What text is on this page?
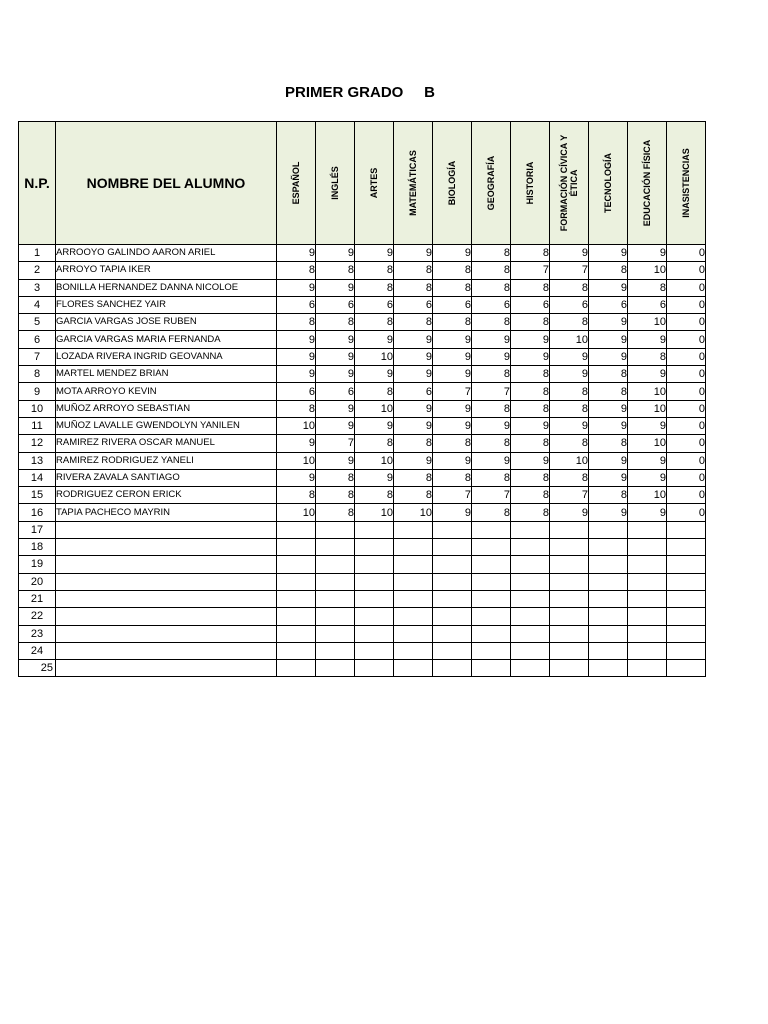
PRIMER GRADO     B
N.P.	NOMBRE DEL ALUMNO	ESPAÑOL	INGLÉS	ARTES	MATEMÁTICAS	BIOLOGÍA	GEOGRAFÍA	HISTORIA	FORMACIÓN CÍVICA Y ÉTICA	TECNOLOGÍA	EDUCACIÓN FÍSICA	INASISTENCIAS

1	ARROOYO GALINDO AARON ARIEL	9	9	9	9	9	8	8	9	9	9	0
2	ARROYO TAPIA IKER	8	8	8	8	8	8	7	7	8	10	0
3	BONILLA HERNANDEZ DANNA NICOLOE	9	9	8	8	8	8	8	8	9	8	0
4	FLORES SANCHEZ YAIR	6	6	6	6	6	6	6	6	6	6	0
5	GARCIA VARGAS JOSE RUBEN	8	8	8	8	8	8	8	8	9	10	0
6	GARCIA VARGAS MARIA FERNANDA	9	9	9	9	9	9	9	10	9	9	0
7	LOZADA RIVERA INGRID GEOVANNA	9	9	10	9	9	9	9	9	9	8	0
8	MARTEL MENDEZ BRIAN	9	9	9	9	9	8	8	9	8	9	0
9	MOTA ARROYO KEVIN	6	6	8	6	7	7	8	8	8	10	0
10	MUÑOZ ARROYO SEBASTIAN	8	9	10	9	9	8	8	8	9	10	0
11	MUÑOZ LAVALLE GWENDOLYN YANILEN	10	9	9	9	9	9	9	9	9	9	0
12	RAMIREZ RIVERA OSCAR MANUEL	9	7	8	8	8	8	8	8	8	10	0
13	RAMIREZ RODRIGUEZ YANELI	10	9	10	9	9	9	9	10	9	9	0
14	RIVERA ZAVALA SANTIAGO	9	8	9	8	8	8	8	8	9	9	0
15	RODRIGUEZ CERON ERICK	8	8	8	8	7	7	8	7	8	10	0
16	TAPIA PACHECO MAYRIN	10	8	10	10	9	8	8	9	9	9	0
17												
18												
19												
20												
21												
22												
23												
24												
25												
